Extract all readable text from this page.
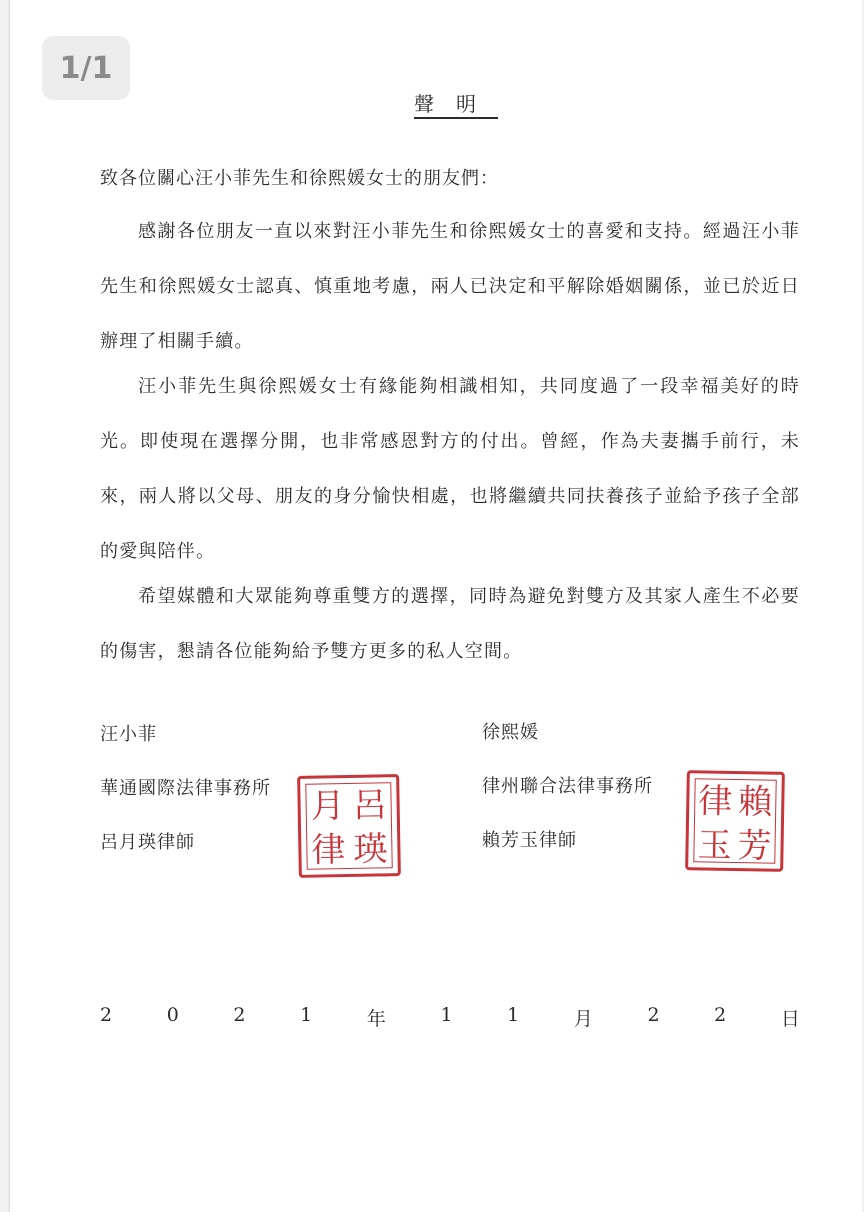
聲明
致各位關心汪小菲先生和徐熙媛女士的朋友們：

感謝各位朋友一直以來對汪小菲先生和徐熙媛女士的喜愛和支持。經過汪小菲先生和徐熙媛女士認真、慎重地考慮，兩人已決定和平解除婚姻關係，並已於近日辦理了相關手續。

汪小菲先生與徐熙媛女士有緣能夠相識相知，共同度過了一段幸福美好的時光。即使現在選擇分開，也非常感恩對方的付出。曾經，作為夫妻攜手前行，未來，兩人將以父母、朋友的身分愉快相處，也將繼續共同扶養孩子並給予孩子全部的愛與陪伴。

希望媒體和大眾能夠尊重雙方的選擇，同時為避免對雙方及其家人產生不必要的傷害，懇請各位能夠給予雙方更多的私人空間。

汪小菲
華通國際法律事務所
呂月瑛律師
月 呂
律 瑛
徐熙媛
律州聯合法律事務所
賴芳玉律師
律 賴
玉 芳
2	0	2	1	年	1	1	月	2	2	日
1/1
